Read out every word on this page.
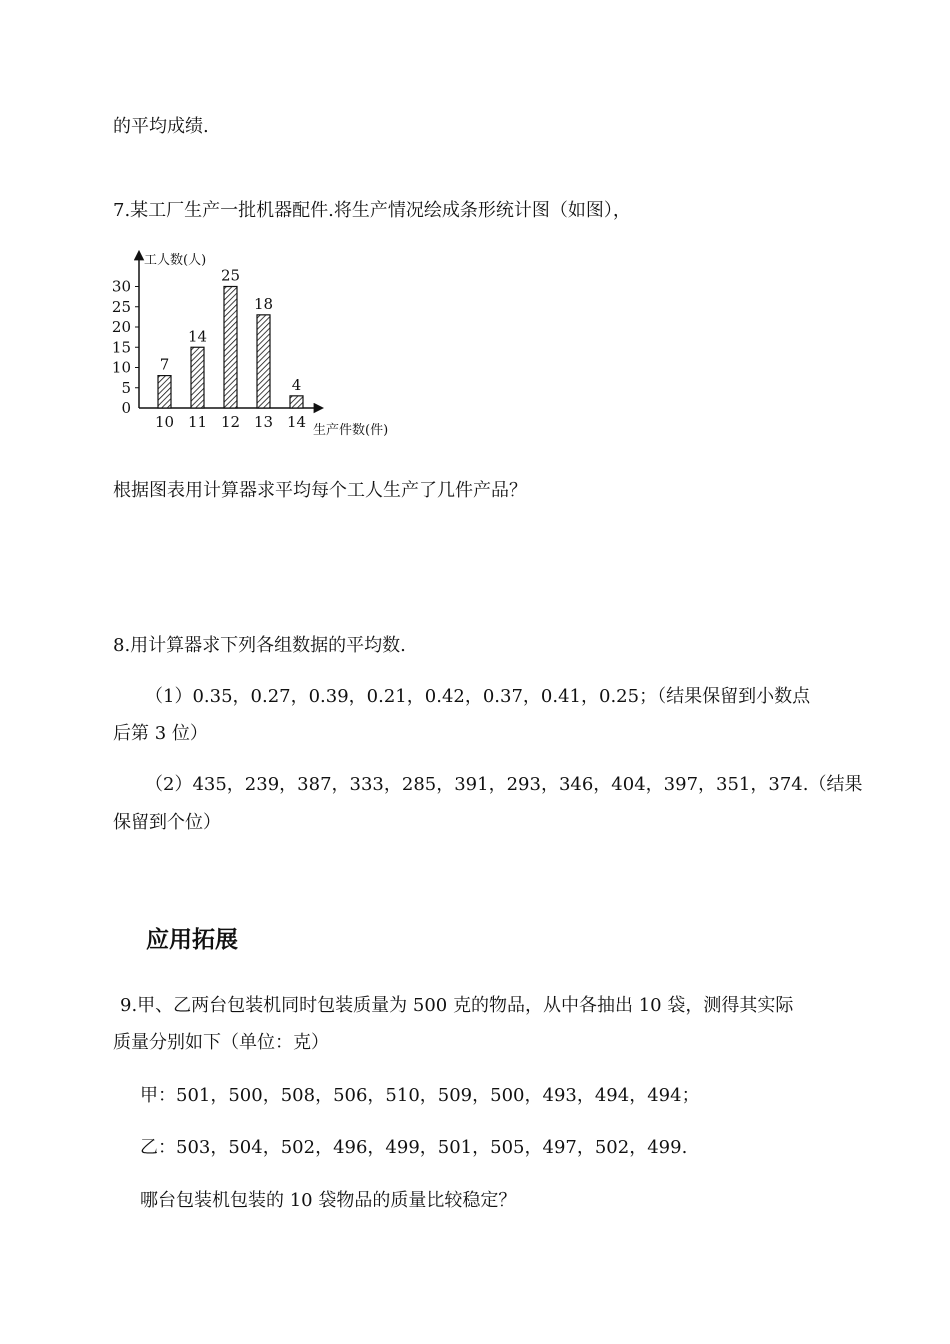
的平均成绩.
7.某工厂生产一批机器配件.将生产情况绘成条形统计图（如图），
工人数(人)
生产件数(件)
0
5
10
15
20
25
30
7
14
25
18
4
10 11 12 13 14
根据图表用计算器求平均每个工人生产了几件产品？
8.用计算器求下列各组数据的平均数.
（1）0.35，0.27，0.39，0.21，0.42，0.37，0.41，0.25；（结果保留到小数点
后第 3 位）
（2）435，239，387，333，285，391，293，346，404，397，351，374.（结果
保留到个位）
应用拓展
9.甲、乙两台包装机同时包装质量为 500 克的物品，从中各抽出 10 袋，测得其实际
质量分别如下（单位：克）
甲：501，500，508，506，510，509，500，493，494，494；
乙：503，504，502，496，499，501，505，497，502，499.
哪台包装机包装的 10 袋物品的质量比较稳定？
